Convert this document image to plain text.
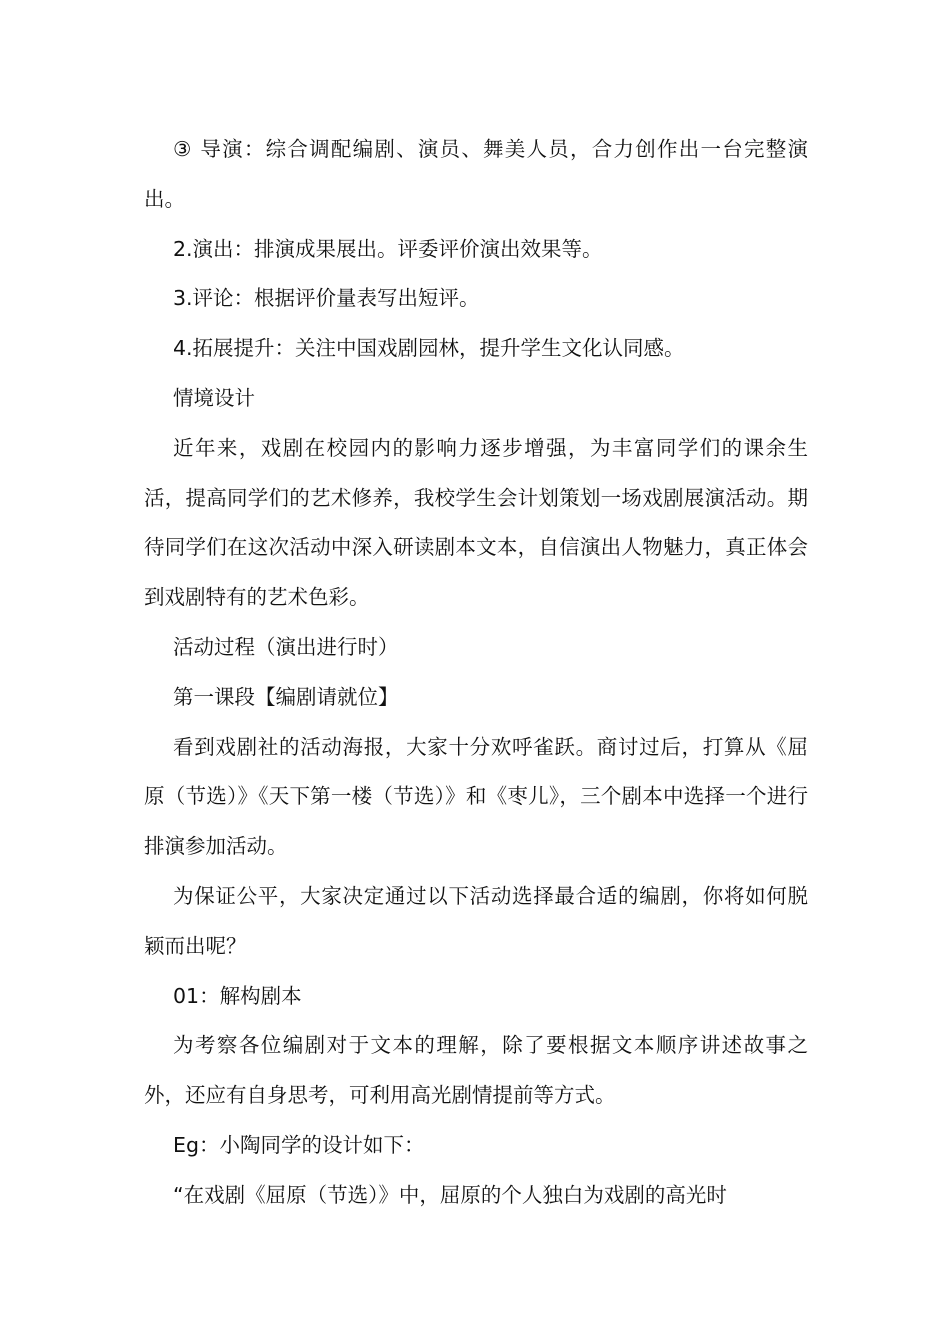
③ 导演：综合调配编剧、演员、舞美人员，合力创作出一台完整演出。

2.演出：排演成果展出。评委评价演出效果等。

3.评论：根据评价量表写出短评。

4.拓展提升：关注中国戏剧园林，提升学生文化认同感。

情境设计

近年来，戏剧在校园内的影响力逐步增强，为丰富同学们的课余生活，提高同学们的艺术修养，我校学生会计划策划一场戏剧展演活动。期待同学们在这次活动中深入研读剧本文本，自信演出人物魅力，真正体会到戏剧特有的艺术色彩。

活动过程（演出进行时）

第一课段【编剧请就位】

看到戏剧社的活动海报，大家十分欢呼雀跃。商讨过后，打算从《屈原（节选）》《天下第一楼（节选）》和《枣儿》，三个剧本中选择一个进行排演参加活动。

为保证公平，大家决定通过以下活动选择最合适的编剧，你将如何脱颖而出呢？

01：解构剧本

为考察各位编剧对于文本的理解，除了要根据文本顺序讲述故事之外，还应有自身思考，可利用高光剧情提前等方式。

Eg：小陶同学的设计如下：

“在戏剧《屈原（节选）》中，屈原的个人独白为戏剧的高光时
